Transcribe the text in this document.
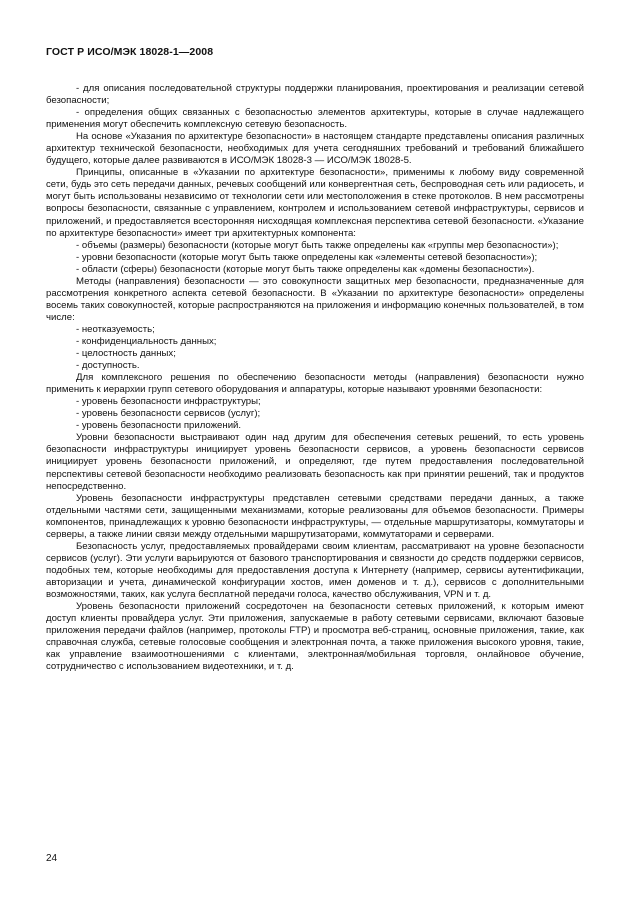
ГОСТ Р ИСО/МЭК 18028-1—2008

- для описания последовательной структуры поддержки планирования, проектирования и реализации сетевой безопасности;

- определения общих связанных с безопасностью элементов архитектуры, которые в случае надлежащего применения могут обеспечить комплексную сетевую безопасность.

На основе «Указания по архитектуре безопасности» в настоящем стандарте представлены описания различных архитектур технической безопасности, необходимых для учета сегодняшних требований и требований ближайшего будущего, которые далее развиваются в ИСО/МЭК 18028-3 — ИСО/МЭК 18028-5.

Принципы, описанные в «Указании по архитектуре безопасности», применимы к любому виду современной сети, будь это сеть передачи данных, речевых сообщений или конвергентная сеть, беспроводная сеть или радиосеть, и могут быть использованы независимо от технологии сети или местоположения в стеке протоколов. В нем рассмотрены вопросы безопасности, связанные с управлением, контролем и использованием сетевой инфраструктуры, сервисов и приложений, и предоставляется всесторонняя нисходящая комплексная перспектива сетевой безопасности. «Указание по архитектуре безопасности» имеет три архитектурных компонента:

- объемы (размеры) безопасности (которые могут быть также определены как «группы мер безопасности»);

- уровни безопасности (которые могут быть также определены как «элементы сетевой безопасности»);

- области (сферы) безопасности (которые могут быть также определены как «домены безопасности»).

Методы (направления) безопасности — это совокупности защитных мер безопасности, предназначенные для рассмотрения конкретного аспекта сетевой безопасности. В «Указании по архитектуре безопасности» определены восемь таких совокупностей, которые распространяются на приложения и информацию конечных пользователей, в том числе:

- неотказуемость;

- конфиденциальность данных;

- целостность данных;

- доступность.

Для комплексного решения по обеспечению безопасности методы (направления) безопасности нужно применить к иерархии групп сетевого оборудования и аппаратуры, которые называют уровнями безопасности:

- уровень безопасности инфраструктуры;

- уровень безопасности сервисов (услуг);

- уровень безопасности приложений.

Уровни безопасности выстраивают один над другим для обеспечения сетевых решений, то есть уровень безопасности инфраструктуры инициирует уровень безопасности сервисов, а уровень безопасности сервисов инициирует уровень безопасности приложений, и определяют, где путем предоставления последовательной перспективы сетевой безопасности необходимо реализовать безопасность как при принятии решений, так и продуктов непосредственно.

Уровень безопасности инфраструктуры представлен сетевыми средствами передачи данных, а также отдельными частями сети, защищенными механизмами, которые реализованы для объемов безопасности. Примеры компонентов, принадлежащих к уровню безопасности инфраструктуры, — отдельные маршрутизаторы, коммутаторы и серверы, а также линии связи между отдельными маршрутизаторами, коммутаторами и серверами.

Безопасность услуг, предоставляемых провайдерами своим клиентам, рассматривают на уровне безопасности сервисов (услуг). Эти услуги варьируются от базового транспортирования и связности до средств поддержки сервисов, подобных тем, которые необходимы для предоставления доступа к Интернету (например, сервисы аутентификации, авторизации и учета, динамической конфигурации хостов, имен доменов и т. д.), сервисов с дополнительными возможностями, таких, как услуга бесплатной передачи голоса, качество обслуживания, VPN и т. д.

Уровень безопасности приложений сосредоточен на безопасности сетевых приложений, к которым имеют доступ клиенты провайдера услуг. Эти приложения, запускаемые в работу сетевыми сервисами, включают базовые приложения передачи файлов (например, протоколы FTP) и просмотра веб-страниц, основные приложения, такие, как справочная служба, сетевые голосовые сообщения и электронная почта, а также приложения высокого уровня, такие, как управление взаимоотношениями с клиентами, электронная/мобильная торговля, онлайновое обучение, сотрудничество с использованием видеотехники, и т. д.

24
